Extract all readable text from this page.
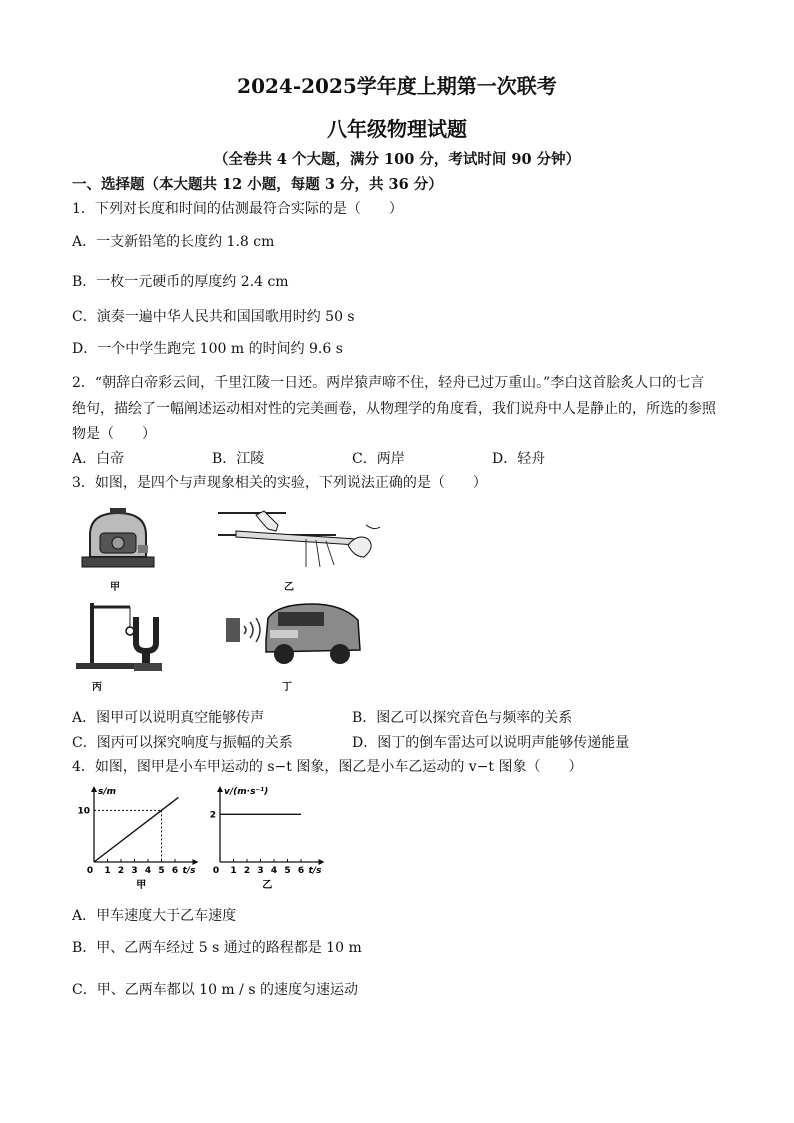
2024-2025学年度上期第一次联考
八年级物理试题
（全卷共 4 个大题，满分 100 分，考试时间 90 分钟）
一、选择题（本大题共 12 小题，每题 3 分，共 36 分）
1．下列对长度和时间的估测最符合实际的是（　　）
A．一支新铅笔的长度约 1.8 cm
B．一枚一元硬币的厚度约 2.4 cm
C．演奏一遍中华人民共和国国歌用时约 50 s
D．一个中学生跑完 100 m 的时间约 9.6 s
2．“朝辞白帝彩云间，千里江陵一日还。两岸猿声啼不住，轻舟已过万重山。”李白这首脍炙人口的七言
绝句，描绘了一幅阐述运动相对性的完美画卷，从物理学的角度看，我们说舟中人是静止的，所选的参照
物是（　　）
A．白帝	B．江陵	C．两岸	D．轻舟
3．如图，是四个与声现象相关的实验，下列说法正确的是（　　）
甲	乙
丙	丁
A．图甲可以说明真空能够传声	B．图乙可以探究音色与频率的关系
C．图丙可以探究响度与振幅的关系	D．图丁的倒车雷达可以说明声能够传递能量
4．如图，图甲是小车甲运动的 s−t 图象，图乙是小车乙运动的 v−t 图象（　　）
0 1 2 3 4 5 6 t/s
s/m
10
甲
0 1 2 3 4 5 6 t/s
v/(m·s⁻¹)
2
乙
A．甲车速度大于乙车速度
B．甲、乙两车经过 5 s 通过的路程都是 10 m
C．甲、乙两车都以 10 m / s 的速度匀速运动
